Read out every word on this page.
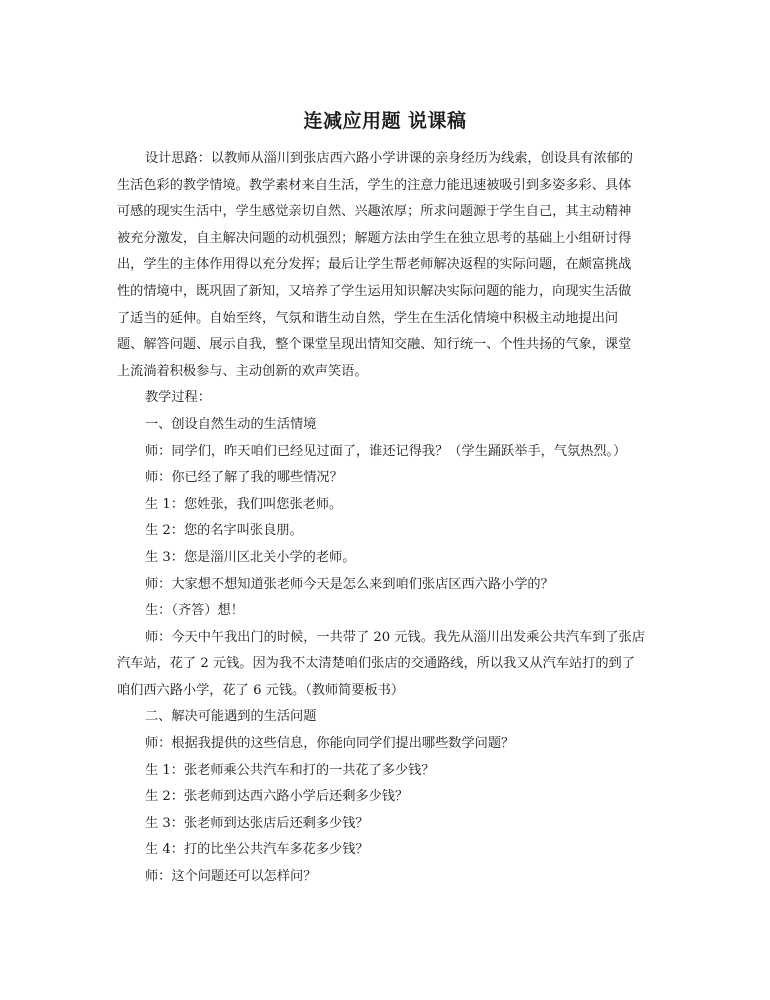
连减应用题 说课稿
设计思路：以教师从淄川到张店西六路小学讲课的亲身经历为线索，创设具有浓郁的
生活色彩的教学情境。教学素材来自生活，学生的注意力能迅速被吸引到多姿多彩、具体
可感的现实生活中，学生感觉亲切自然、兴趣浓厚；所求问题源于学生自己，其主动精神
被充分激发，自主解决问题的动机强烈；解题方法由学生在独立思考的基础上小组研讨得
出，学生的主体作用得以充分发挥；最后让学生帮老师解决返程的实际问题，在颇富挑战
性的情境中，既巩固了新知，又培养了学生运用知识解决实际问题的能力，向现实生活做
了适当的延伸。自始至终，气氛和谐生动自然，学生在生活化情境中积极主动地提出问
题、解答问题、展示自我，整个课堂呈现出情知交融、知行统一、个性共扬的气象，课堂
上流淌着积极参与、主动创新的欢声笑语。
教学过程：
一、创设自然生动的生活情境
师：同学们，昨天咱们已经见过面了，谁还记得我？（学生踊跃举手，气氛热烈。）
师：你已经了解了我的哪些情况？
生 1：您姓张，我们叫您张老师。
生 2：您的名字叫张良朋。
生 3：您是淄川区北关小学的老师。
师：大家想不想知道张老师今天是怎么来到咱们张店区西六路小学的？
生：（齐答）想！
师：今天中午我出门的时候，一共带了 20 元钱。我先从淄川出发乘公共汽车到了张店
汽车站，花了 2 元钱。因为我不太清楚咱们张店的交通路线，所以我又从汽车站打的到了
咱们西六路小学，花了 6 元钱。（教师简要板书）
二、解决可能遇到的生活问题
师：根据我提供的这些信息，你能向同学们提出哪些数学问题？
生 1：张老师乘公共汽车和打的一共花了多少钱？
生 2：张老师到达西六路小学后还剩多少钱？
生 3：张老师到达张店后还剩多少钱？
生 4：打的比坐公共汽车多花多少钱？
师：这个问题还可以怎样问？
